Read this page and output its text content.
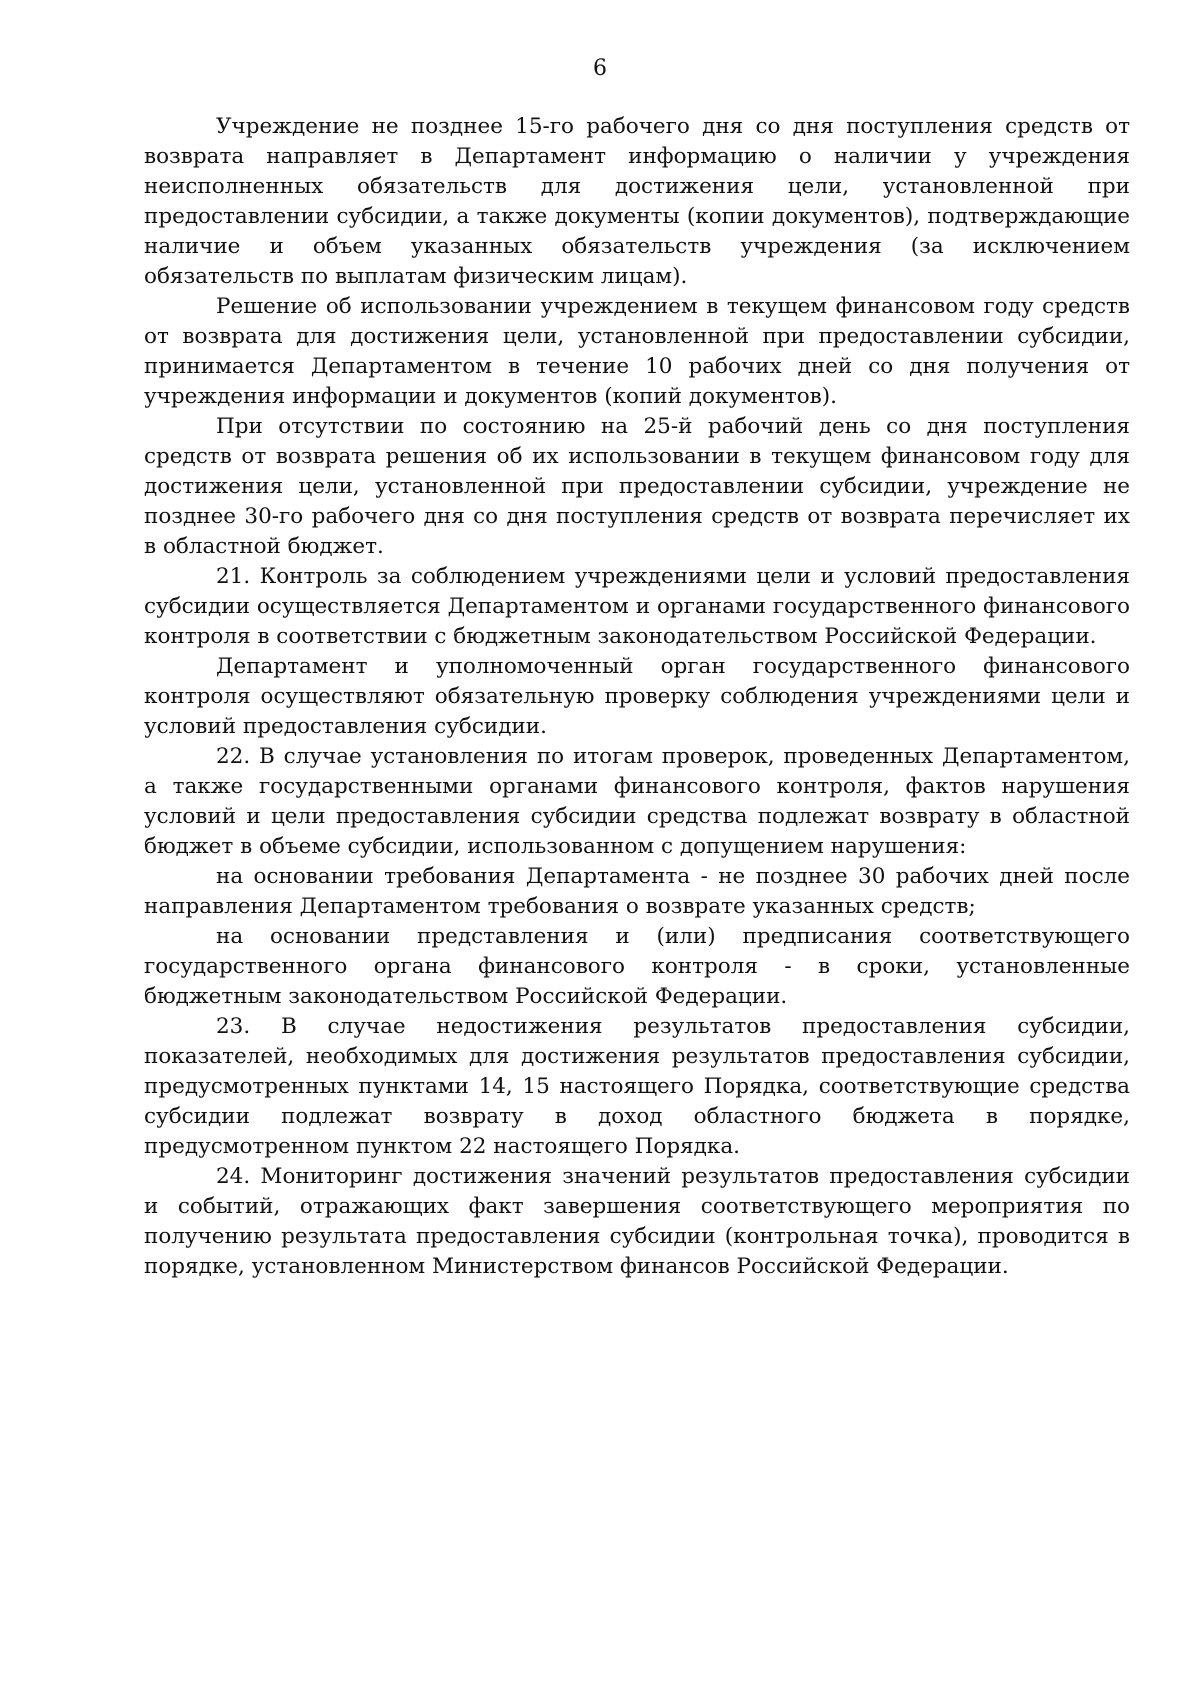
6

Учреждение не позднее 15-го рабочего дня со дня поступления средств от возврата направляет в Департамент информацию о наличии у учреждения неисполненных обязательств для достижения цели, установленной при предоставлении субсидии, а также документы (копии документов), подтверждающие наличие и объем указанных обязательств учреждения (за исключением обязательств по выплатам физическим лицам).

Решение об использовании учреждением в текущем финансовом году средств от возврата для достижения цели, установленной при предоставлении субсидии, принимается Департаментом в течение 10 рабочих дней со дня получения от учреждения информации и документов (копий документов).

При отсутствии по состоянию на 25-й рабочий день со дня поступления средств от возврата решения об их использовании в текущем финансовом году для достижения цели, установленной при предоставлении субсидии, учреждение не позднее 30-го рабочего дня со дня поступления средств от возврата перечисляет их в областной бюджет.

21. Контроль за соблюдением учреждениями цели и условий предоставления субсидии осуществляется Департаментом и органами государственного финансового контроля в соответствии с бюджетным законодательством Российской Федерации.

Департамент и уполномоченный орган государственного финансового контроля осуществляют обязательную проверку соблюдения учреждениями цели и условий предоставления субсидии.

22. В случае установления по итогам проверок, проведенных Департаментом, а также государственными органами финансового контроля, фактов нарушения условий и цели предоставления субсидии средства подлежат возврату в областной бюджет в объеме субсидии, использованном с допущением нарушения:

на основании требования Департамента - не позднее 30 рабочих дней после направления Департаментом требования о возврате указанных средств;

на основании представления и (или) предписания соответствующего государственного органа финансового контроля - в сроки, установленные бюджетным законодательством Российской Федерации.

23. В случае недостижения результатов предоставления субсидии, показателей, необходимых для достижения результатов предоставления субсидии, предусмотренных пунктами 14, 15 настоящего Порядка, соответствующие средства субсидии подлежат возврату в доход областного бюджета в порядке, предусмотренном пунктом 22 настоящего Порядка.

24. Мониторинг достижения значений результатов предоставления субсидии и событий, отражающих факт завершения соответствующего мероприятия по получению результата предоставления субсидии (контрольная точка), проводится в порядке, установленном Министерством финансов Российской Федерации.
